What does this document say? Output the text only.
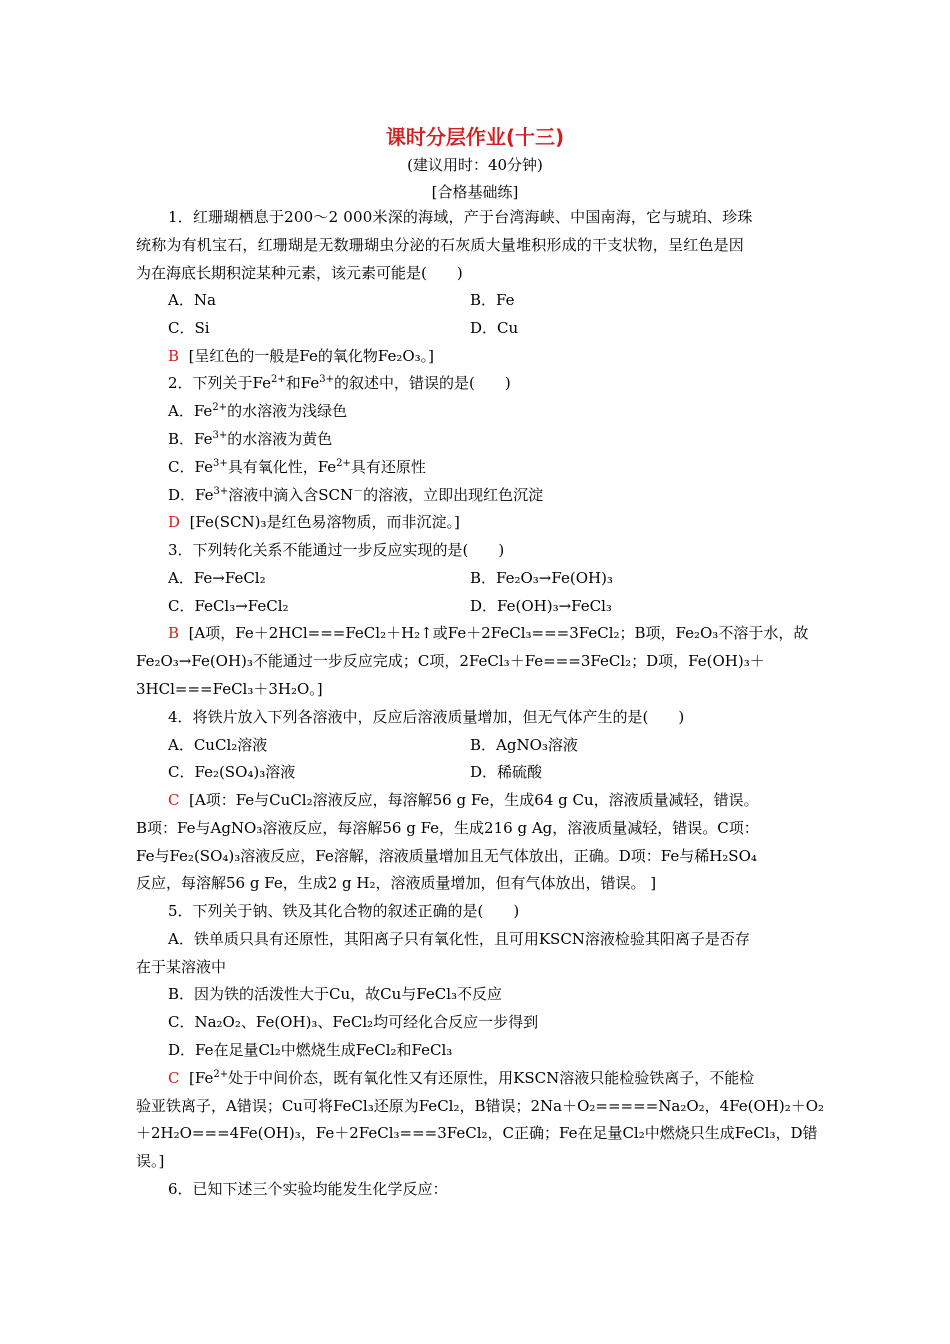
课时分层作业(十三)
(建议用时：40分钟)
[合格基础练]
1．红珊瑚栖息于200～2 000米深的海域，产于台湾海峡、中国南海，它与琥珀、珍珠
统称为有机宝石，红珊瑚是无数珊瑚虫分泌的石灰质大量堆积形成的干支状物，呈红色是因
为在海底长期积淀某种元素，该元素可能是(　　)
A．Na	B．Fe
C．Si	D．Cu
B [呈红色的一般是Fe的氧化物Fe₂O₃。]
2．下列关于$Fe^{2+}$和$Fe^{3+}$的叙述中，错误的是(　　)
A．$Fe^{2+}$的水溶液为浅绿色
B．$Fe^{3+}$的水溶液为黄色
C．$Fe^{3+}$具有氧化性，$Fe^{2+}$具有还原性
D．$Fe^{3+}$溶液中滴入含SCN－的溶液，立即出现红色沉淀
D [Fe(SCN)₃是红色易溶物质，而非沉淀。]
3．下列转化关系不能通过一步反应实现的是(　　)
A．Fe→FeCl₂	B．Fe₂O₃→Fe(OH)₃
C．FeCl₃→FeCl₂	D．Fe(OH)₃→FeCl₃
B [A项，Fe＋2HCl===FeCl₂＋H₂↑或Fe＋2FeCl₃===3FeCl₂；B项，Fe₂O₃不溶于水，故
Fe₂O₃→Fe(OH)₃不能通过一步反应完成；C项，2FeCl₃＋Fe===3FeCl₂；D项，Fe(OH)₃＋
3HCl===FeCl₃＋3H₂O。]
4．将铁片放入下列各溶液中，反应后溶液质量增加，但无气体产生的是(　　)
A．CuCl₂溶液	B．AgNO₃溶液
C．Fe₂(SO₄)₃溶液	D．稀硫酸
C [A项：Fe与CuCl₂溶液反应，每溶解56 g Fe，生成64 g Cu，溶液质量减轻，错误。
B项：Fe与AgNO₃溶液反应，每溶解56 g Fe，生成216 g Ag，溶液质量减轻，错误。C项：
Fe与Fe₂(SO₄)₃溶液反应，Fe溶解，溶液质量增加且无气体放出，正确。D项：Fe与稀H₂SO₄
反应，每溶解56 g Fe，生成2 g H₂，溶液质量增加，但有气体放出，错误。 ]
5．下列关于钠、铁及其化合物的叙述正确的是(　　)
A．铁单质只具有还原性，其阳离子只有氧化性，且可用KSCN溶液检验其阳离子是否存
在于某溶液中
B．因为铁的活泼性大于Cu，故Cu与FeCl₃不反应
C．Na₂O₂、Fe(OH)₃、FeCl₂均可经化合反应一步得到
D．Fe在足量Cl₂中燃烧生成FeCl₂和FeCl₃
C [$Fe^{2+}$处于中间价态，既有氧化性又有还原性，用KSCN溶液只能检验铁离子，不能检
验亚铁离子，A错误；Cu可将FeCl₃还原为FeCl₂，B错误；2Na＋O₂=====Na₂O₂，4Fe(OH)₂＋O₂
＋2H₂O===4Fe(OH)₃，Fe＋2FeCl₃===3FeCl₂，C正确；Fe在足量Cl₂中燃烧只生成FeCl₃，D错
误。]
6．已知下述三个实验均能发生化学反应：
